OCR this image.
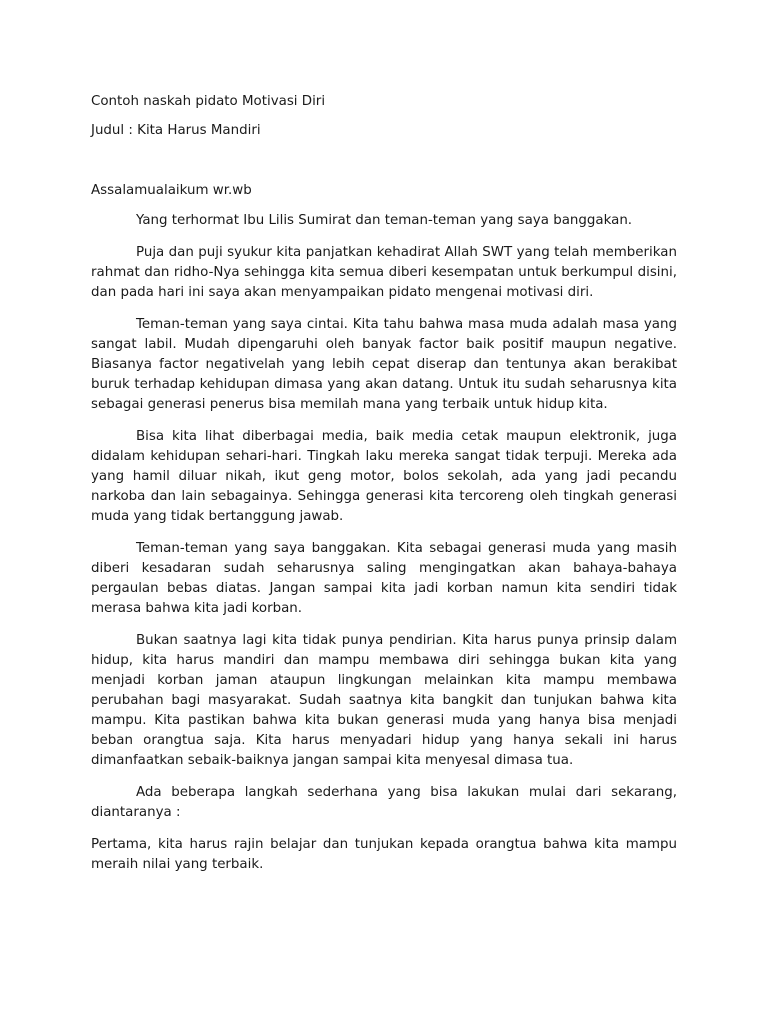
Contoh naskah pidato Motivasi Diri

Judul : Kita Harus Mandiri

Assalamualaikum wr.wb

Yang terhormat Ibu Lilis Sumirat dan teman-teman yang saya banggakan.

Puja dan puji syukur kita panjatkan kehadirat Allah SWT yang telah memberikan rahmat dan ridho-Nya sehingga kita semua diberi kesempatan untuk berkumpul disini, dan pada hari ini saya akan menyampaikan pidato mengenai motivasi diri.

Teman-teman yang saya cintai. Kita tahu bahwa masa muda adalah masa yang sangat labil. Mudah dipengaruhi oleh banyak factor baik positif maupun negative. Biasanya factor negativelah yang lebih cepat diserap dan tentunya akan berakibat buruk terhadap kehidupan dimasa yang akan datang. Untuk itu sudah seharusnya kita sebagai generasi penerus bisa memilah mana yang terbaik untuk hidup kita.

Bisa kita lihat diberbagai media, baik media cetak maupun elektronik, juga didalam kehidupan sehari-hari. Tingkah laku mereka sangat tidak terpuji. Mereka ada yang hamil diluar nikah, ikut geng motor, bolos sekolah, ada yang jadi pecandu narkoba dan lain sebagainya. Sehingga generasi kita tercoreng oleh tingkah generasi muda yang tidak bertanggung jawab.

Teman-teman yang saya banggakan. Kita sebagai generasi muda yang masih diberi kesadaran sudah seharusnya saling mengingatkan akan bahaya-bahaya pergaulan bebas diatas. Jangan sampai kita jadi korban namun kita sendiri tidak merasa bahwa kita jadi korban.

Bukan saatnya lagi kita tidak punya pendirian. Kita harus punya prinsip dalam hidup, kita harus mandiri dan mampu membawa diri sehingga bukan kita yang menjadi korban jaman ataupun lingkungan melainkan kita mampu membawa perubahan bagi masyarakat. Sudah saatnya kita bangkit dan tunjukan bahwa kita mampu. Kita pastikan bahwa kita bukan generasi muda yang hanya bisa menjadi beban orangtua saja. Kita harus menyadari hidup yang hanya sekali ini harus dimanfaatkan sebaik-baiknya jangan sampai kita menyesal dimasa tua.

Ada beberapa langkah sederhana yang bisa lakukan mulai dari sekarang, diantaranya :

Pertama, kita harus rajin belajar dan tunjukan kepada orangtua bahwa kita mampu meraih nilai yang terbaik.
